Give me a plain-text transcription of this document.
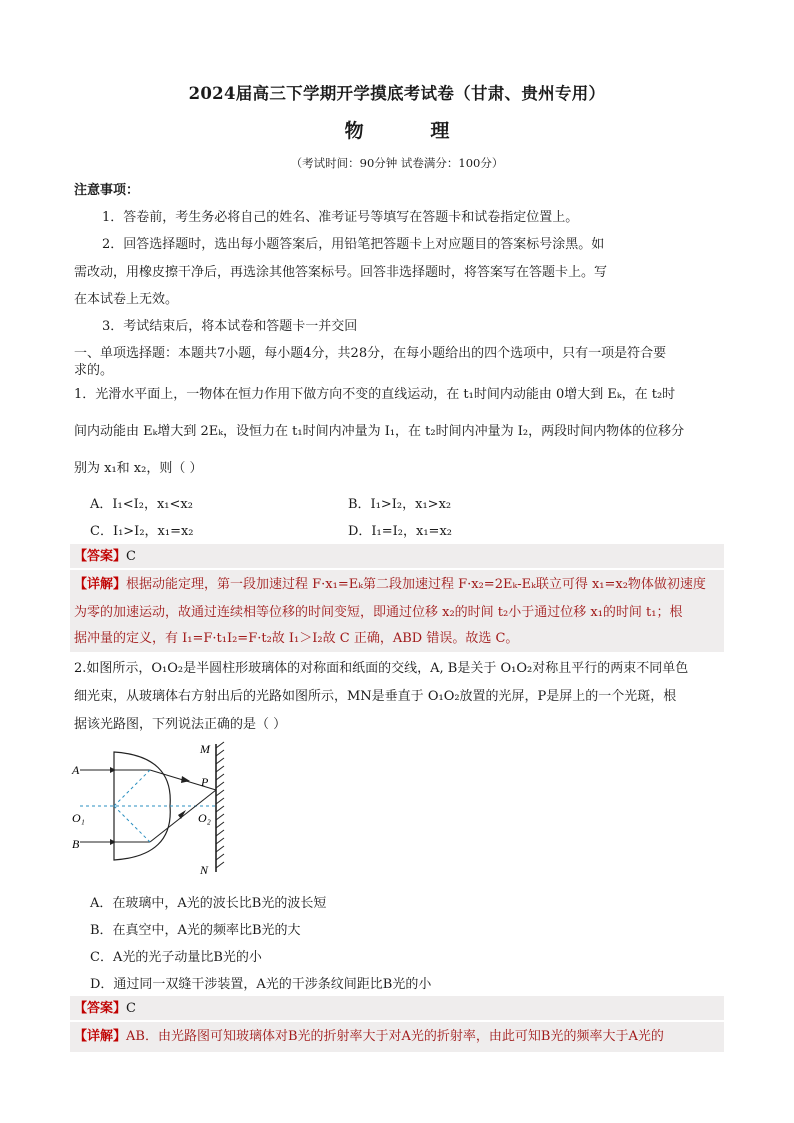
2024届高三下学期开学摸底考试卷（甘肃、贵州专用）
物	理
（考试时间：90分钟 试卷满分：100分）
注意事项：
1．答卷前，考生务必将自己的姓名、准考证号等填写在答题卡和试卷指定位置上。
2．回答选择题时，选出每小题答案后，用铅笔把答题卡上对应题目的答案标号涂黑。如
需改动，用橡皮擦干净后，再选涂其他答案标号。回答非选择题时，将答案写在答题卡上。写
在本试卷上无效。
3．考试结束后，将本试卷和答题卡一并交回
一、单项选择题：本题共7小题，每小题4分，共28分，在每小题给出的四个选项中，只有一项是符合要
求的。
1．光滑水平面上，一物体在恒力作用下做方向不变的直线运动，在 t₁时间内动能由 0增大到 Eₖ，在 t₂时
间内动能由 Eₖ增大到 2Eₖ，设恒力在 t₁时间内冲量为 I₁，在 t₂时间内冲量为 I₂，两段时间内物体的位移分
别为 x₁和 x₂，则（ ）
A．I₁<I₂，x₁<x₂	B．I₁>I₂，x₁>x₂
C．I₁>I₂，x₁=x₂	D．I₁=I₂，x₁=x₂
【答案】C
【详解】根据动能定理，第一段加速过程 F·x₁=Eₖ第二段加速过程 F·x₂=2Eₖ-Eₖ联立可得 x₁=x₂物体做初速度
为零的加速运动，故通过连续相等位移的时间变短，即通过位移 x₂的时间 t₂小于通过位移 x₁的时间 t₁；根
据冲量的定义，有 I₁=F·t₁I₂=F·t₂故 I₁＞I₂故 C 正确，ABD 错误。故选 C。
2.如图所示，O₁O₂是半圆柱形玻璃体的对称面和纸面的交线，A, B是关于 O₁O₂对称且平行的两束不同单色
细光束，从玻璃体右方射出后的光路如图所示，MN是垂直于 O₁O₂放置的光屏，P是屏上的一个光斑，根
据该光路图，下列说法正确的是（ ）
M
P
A
O₁	O₂
B
N
A．在玻璃中，A光的波长比B光的波长短
B．在真空中，A光的频率比B光的大
C．A光的光子动量比B光的小
D．通过同一双缝干涉装置，A光的干涉条纹间距比B光的小
【答案】C
【详解】AB．由光路图可知玻璃体对B光的折射率大于对A光的折射率，由此可知B光的频率大于A光的
